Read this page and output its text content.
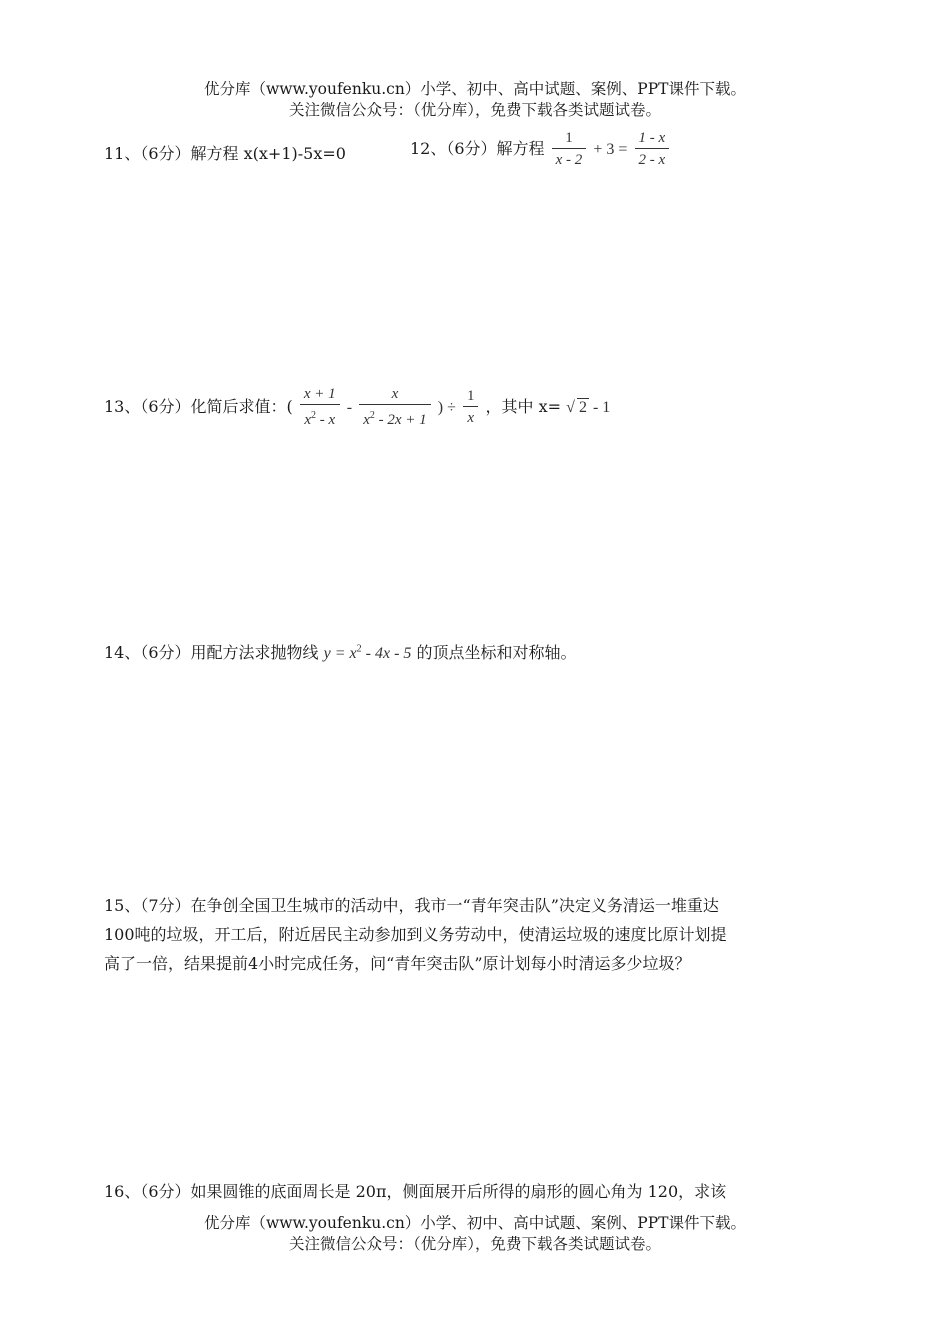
优分库（www.youfenku.cn）小学、初中、高中试题、案例、PPT课件下载。
关注微信公众号：（优分库），免费下载各类试题试卷。
11、（6分）解方程 x(x+1)-5x=0	12、（6分）解方程 $\frac{1}{x - 2} + 3 = \frac{1 - x}{2 - x}$
13、（6分）化简后求值：( $\frac{x + 1}{x^2 - x} - \frac{x}{x^2 - 2x + 1}$ ) ÷ $\frac{1}{x}$ ，其中 x= √ 2 - 1
14、（6分）用配方法求抛物线 $y = x^2 - 4x - 5$ 的顶点坐标和对称轴。
15、（7分）在争创全国卫生城市的活动中，我市一“青年突击队”决定义务清运一堆重达
100吨的垃圾，开工后，附近居民主动参加到义务劳动中，使清运垃圾的速度比原计划提
高了一倍，结果提前4小时完成任务，问“青年突击队”原计划每小时清运多少垃圾？
16、（6分）如果圆锥的底面周长是 20π，侧面展开后所得的扇形的圆心角为 120，求该
优分库（www.youfenku.cn）小学、初中、高中试题、案例、PPT课件下载。
关注微信公众号：（优分库），免费下载各类试题试卷。
